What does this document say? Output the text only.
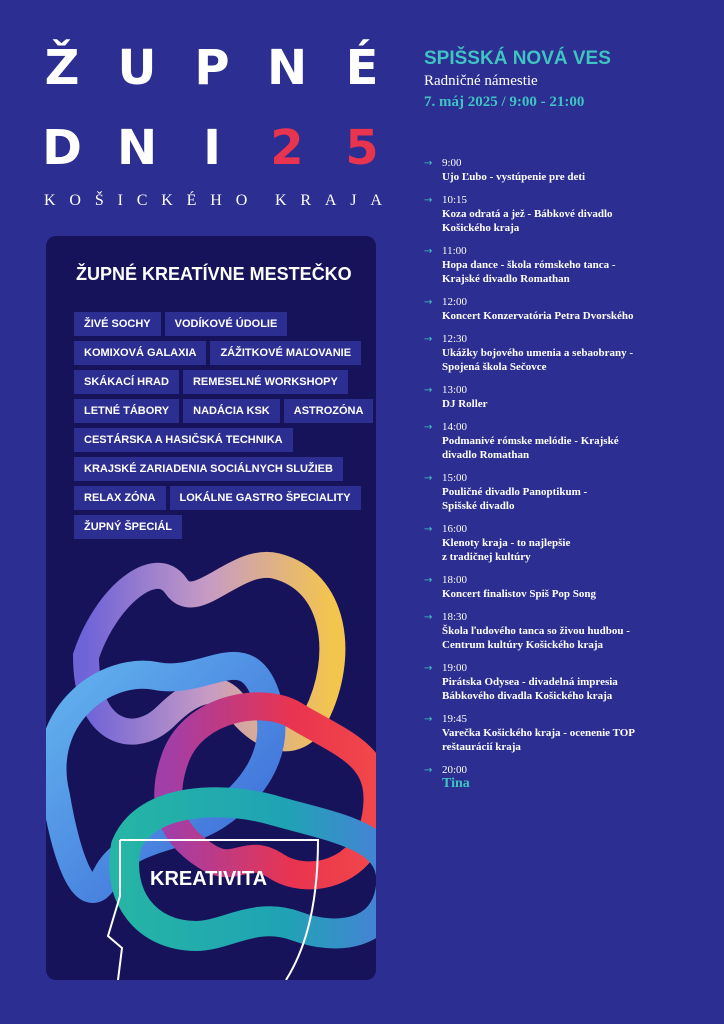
Ž U P N É
D N I 2 5
K O Š I C K É H O K R A J A
SPIŠSKÁ NOVÁ VES
Radničné námestie
7. máj 2025 / 9:00 - 21:00
ŽUPNÉ KREATÍVNE MESTEČKO
ŽIVÉ SOCHY	VODÍKOVÉ ÚDOLIE
KOMIXOVÁ GALAXIA	ZÁŽITKOVÉ MAĽOVANIE
SKÁKACÍ HRAD	REMESELNÉ WORKSHOPY
LETNÉ TÁBORY	NADÁCIA KSK	ASTROZÓNA
CESTÁRSKA A HASIČSKÁ TECHNIKA
KRAJSKÉ ZARIADENIA SOCIÁLNYCH SLUŽIEB
RELAX ZÓNA	LOKÁLNE GASTRO ŠPECIALITY
ŽUPNÝ ŠPECIÁL
KREATIVITA
→ 9:00
Ujo Ľubo - vystúpenie pre deti
→ 10:15
Koza odratá a jež - Bábkové divadlo
Košického kraja
→ 11:00
Hopa dance - škola rómskeho tanca -
Krajské divadlo Romathan
→ 12:00
Koncert Konzervatória Petra Dvorského
→ 12:30
Ukážky bojového umenia a sebaobrany -
Spojená škola Sečovce
→ 13:00
DJ Roller
→ 14:00
Podmanivé rómske melódie - Krajské
divadlo Romathan
→ 15:00
Pouličné divadlo Panoptikum -
Spišské divadlo
→ 16:00
Klenoty kraja - to najlepšie
z tradičnej kultúry
→ 18:00
Koncert finalistov Spiš Pop Song
→ 18:30
Škola ľudového tanca so živou hudbou -
Centrum kultúry Košického kraja
→ 19:00
Pirátska Odysea - divadelná impresia
Bábkového divadla Košického kraja
→ 19:45
Varečka Košického kraja - ocenenie TOP
reštaurácií kraja
→ 20:00
Tina
